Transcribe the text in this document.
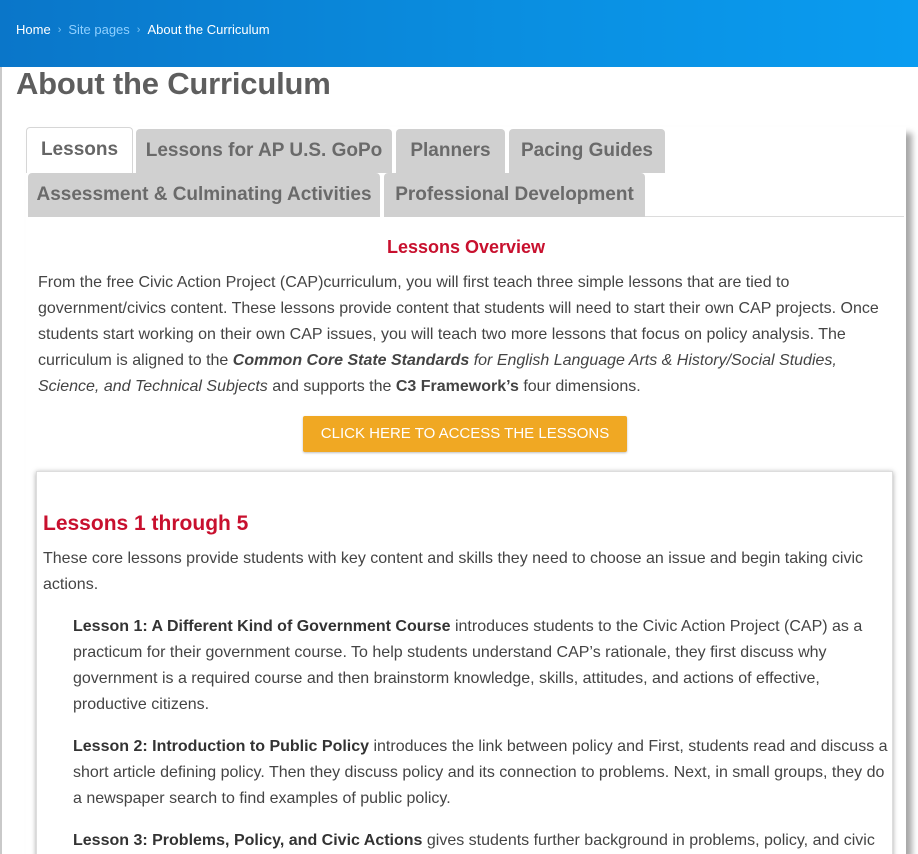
Home › Site pages › About the Curriculum
About the Curriculum
Lessons	Lessons for AP U.S. GoPo	Planners	Pacing Guides
Assessment & Culminating Activities	Professional Development
Lessons Overview

From the free Civic Action Project (CAP)curriculum, you will first teach three simple lessons that are tied to government/civics content. These lessons provide content that students will need to start their own CAP projects. Once students start working on their own CAP issues, you will teach two more lessons that focus on policy analysis. The curriculum is aligned to the Common Core State Standards for English Language Arts & History/Social Studies, Science, and Technical Subjects and supports the C3 Framework’s four dimensions.

CLICK HERE TO ACCESS THE LESSONS
Lessons 1 through 5

These core lessons provide students with key content and skills they need to choose an issue and begin taking civic actions.

Lesson 1: A Different Kind of Government Course introduces students to the Civic Action Project (CAP) as a practicum for their government course. To help students understand CAP’s rationale, they first discuss why government is a required course and then brainstorm knowledge, skills, attitudes, and actions of effective, productive citizens.

Lesson 2: Introduction to Public Policy introduces the link between policy and First, students read and discuss a short article defining policy. Then they discuss policy and its connection to problems. Next, in small groups, they do a newspaper search to find examples of public policy.

Lesson 3: Problems, Policy, and Civic Actions gives students further background in problems, policy, and civic
